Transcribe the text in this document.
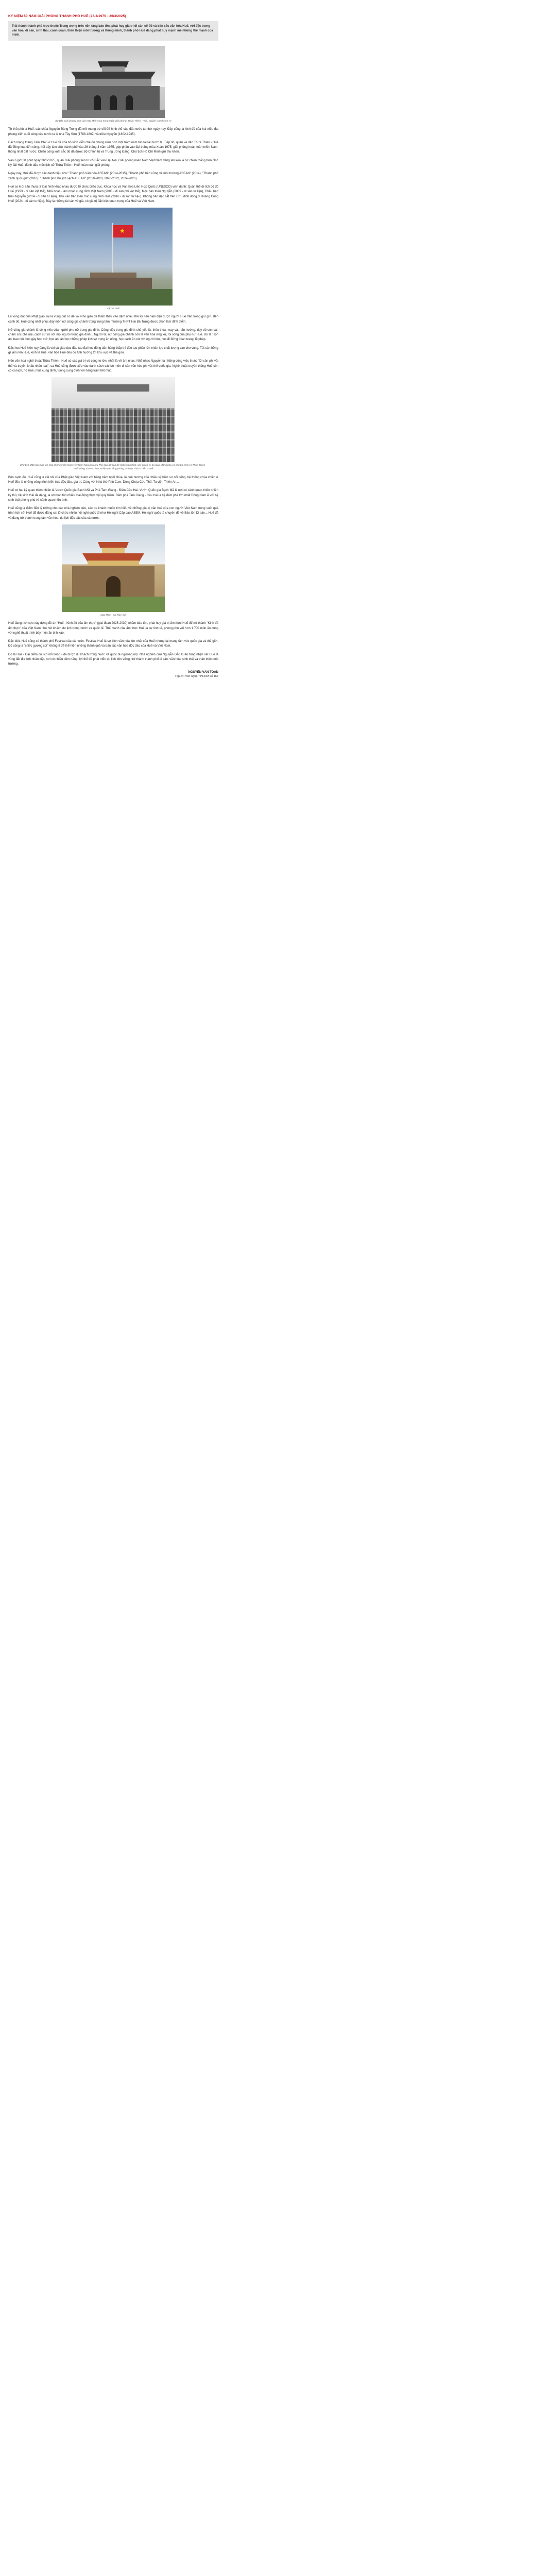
KỶ NIỆM 50 NĂM GIẢI PHÓNG THÀNH PHỐ HUẾ (26/3/1975 - 26/3/2025)
Trải thành thành phố trực thuộc Trung ương trên nền tảng bảo tồn, phát huy giá trị di sản cố đô và bản sắc văn hóa Huế, với đặc trưng văn hóa, di sản, sinh thái, cảnh quan, thân thiện môi trường và thông minh, thành phố Huế đang phát huy mạnh mẽ những thế mạnh của mình.
Bờ Bắc Giải phóng trên cửa Ngọ Môn mùa trong ngày giải phóng. Thừa Thiên - Huế. Nguồn: cand.com.vn

Từ thủ phủ là Huế, các chúa Nguyễn Đàng Trong đã mở mang bờ cõi để hình thể của đất nước ta như ngày nay. Đây cũng là kinh đô của hai triều đại phong kiến cuối cùng của nước ta là nhà Tây Sơn (1788-1802) và triều Nguyễn (1802-1945).

Cách mạng tháng Tám 1945 ở Huế đã xóa bỏ vĩnh viễn chế độ phong kiến hơn một trăm năm tồn tại tại nước ta. Tiếp đó, quân và dân Thừa Thiên - Huế đã đồng loạt tiến công, nổi dậy làm chủ thành phố vào 26 tháng 3 năm 1975, góp phần vào đại thắng mùa Xuân 1975, giải phóng hoàn toàn miền Nam, thống nhất đất nước. Chiến công xuất sắc đó đã được Bộ Chính trị và Trung ương Đảng, Chủ tịch Hồ Chí Minh gửi thư khen.

Vào 6 giờ 30 phút ngày 26/3/1975, quân Giải phóng tiến từ cổ Bắc vào Đại Nội, Giải phóng miền Nam Việt Nam dâng lên kéo lá cờ chiến thắng trên đỉnh Kỳ đài Huế, đánh dấu mốc lịch sử Thừa Thiên - Huế hoàn toàn giải phóng.

Ngày nay, Huế đã được các danh hiệu như "Thành phố Văn hóa ASEAN" (2014-2015), "Thành phố bền vững về môi trường ASEAN" (2014), "Thành phố xanh quốc gia" (2016), "Thành phố Du lịch sạch ASEAN" (2018-2020, 2020-2022, 2024-2026).

Huế có 6 di sản thuộc 3 loại hình khác nhau được tổ chức Giáo dục, Khoa học và Văn hóa Liên Hợp Quốc (UNESCO) vinh danh: Quần thể di tích cố đô Huế (1993 - di sản vật thể), Nhã nhạc - âm nhạc cung đình Việt Nam (2003 - di sản phi vật thể), Mộc bản triều Nguyễn (2009 - di sản tư liệu), Châu bản triều Nguyễn (2014 - di sản tư liệu), Thơ văn trên kiến trúc cung đình Huế (2016 - di sản tư liệu). Không bản đặc sắt trên Cửu đỉnh đồng ở Hoàng Cung Huế (2024 - di sản tư liệu). Đây là những tài sản vô giá, có giá trị đặc biệt quan trọng của Huế và Việt Nam.

★
Kỳ đài Huế

Là vùng đất của Phật giáo, lại là vùng đất có đế vài Nho giáo đã thấm thấu vào đậm nhiều thế kỷ nên hiện đậu được người Huế trân trọng giữ gìn. Bên cạnh đó, Huế cũng nhất phục dậy môn nữ cũng gia chánh trong trung tâm; Trường THPT Hai Bà Trưng được chọn làm đỉnh điểm.

Nữ công gia chánh là công việc của người phụ nữ trong gia đình. Công việc trong gia đình chủ yếu là: thêu thùa, may vá, nấu nướng, dạy dỗ con cái, chăm sóc cha mẹ, cách cư xử với mọi người trong gia đình... Người ta, nữ công gia chánh còn là văn hóa ứng xử, lối sống của phụ nữ Huế. Đó là Trọn ân, bao nét, học gây học mở; học ân, ăn học những phép lịch sự trong ăn uống, học cách ăn nói với người lớn, học đi đứng đoan trang, lễ phép.

Đặc học Huế hiện nay đang là vùi cả giáo dục đào tạo đại học đông dân hàng thấp thì đào tạo phần lớn nhân lực chất lượng cao cho vùng. Tất cả những gì làm nên Huế, kinh tế Huế, văn hóa Huế đều có ảnh hưởng tới khu vực và thế giới.

Nền văn hoá nghệ thuật Thừa Thiên - Huế có các giá trị vô cùng to lớn, nhất là về âm nhạc. Nhã nhạc Nguyễn là những công việc thuộc "Di sản phi vật thể và truyền khẩu nhân loại", ca Huế cũng được xếp vào danh sách các bộ môn di sản văn hóa phi vật thể quốc gia. Nghệ thuật truyền thống Huế còn có ca kịch, hò Huế, múa cung đình, tuồng cung đình với hàng trăm tiết mục.

Chủ tịch Mặt trận Dân tộc Giải phóng miền Nam Việt Nam Nguyễn Hữu Thọ gặp gỡ cán bộ nhân viên thiết, các chiến sĩ, bà giáo, đồng bào và cán bộ chiến ở Thừa Thiên - Huế tháng 4/1975. Ảnh tư liệu của tổng phóng Tỉnh ủy Thừa Thiên - Huế

Bên cạnh đó, Huế cũng là cái nôi của Phật giáo Việt Nam với hàng trăm ngôi chùa, là quê hương của nhiều vị thiền sư nổi tiếng, hệ thống chùa chiền ở Huế đều là những công trình kiến trúc độc đáo, giá trị. Cùng với Nhà thờ Phủ Cam, Dòng Chúa Cứu Thế, Tu viện Thiên An...

Huế có hai ký quan thiên nhiên là Vườn Quốc gia Bạch Mã và Phá Tam Giang - Đầm Cầu Hai. Vườn Quốc gia Bạch Mã là nơi có cảnh quan thiên nhiên kỳ thú, hệ sinh thái đa dạng, là nơi bảo tồn nhiều loài động thực vật quý hiếm. Đầm phá Tam Giang - Cầu Hai là hệ đầm phá lớn nhất Đông Nam Á với hệ sinh thái phong phú và cảnh quan hữu tình.

Huế cũng là điểm đến lý tưởng cho các nhà nghiên cứu, các du khách muốn tìm hiểu về những giá trị văn hoá của con người Việt Nam trong suốt quá trình lịch sử. Huế đã được đăng cai tổ chức nhiều hội nghị quốc tế như Hội nghị Cấp cao ASEM, Hội nghị quốc tế chuyên đề về Bảo tồn Di sản... Huế đã và đang trở thành trung tâm văn hóa, du lịch đặc sắc của cả nước.

Ngọ Môn - Đại Nội Huế

Huế đang tích cực xây dựng đề án "Huế - Kinh đô của ẩm thực" (giai đoạn 2025-2030) nhằm bảo tồn, phát huy giá trị ẩm thực Huế để trở thành "Kinh đô ẩm thực" của Việt Nam, thu hút khách du lịch trong nước và quốc tế. Thế mạnh của ẩm thực Huế là sự tinh tế, phong phú với hơn 1.700 món ăn cùng với nghệ thuật trình bày món ăn tinh xảo.

Đặc biệt, Huế cũng có thành phố Festival của cả nước. Festival Huế là sự kiện văn hóa lớn nhất của Huế nhưng lại mang tầm vóc quốc gia và thế giới. Đó cũng là "chiếc gương soi" không ít để thể hiện những thành quả và bản sắc văn hóa độc đáo của Huế và Việt Nam.

Đó là Huế - Đại điểm du lịch nổi tiếng - đã được du khách trong nước và quốc tế ngưỡng mộ. Nhà nghiên cứu Nguyễn Đắc Xuân từng nhận xét Huế là vùng đất địa linh nhân kiệt, nơi có nhiều tiềm năng, lợi thế để phát triển du lịch bền vững, trở thành thành phố di sản, văn hóa, sinh thái và thân thiện môi trường.

NGUYỄN VĂN TOÀN
Tạp chí Văn nghệ TP.HCM số 164
